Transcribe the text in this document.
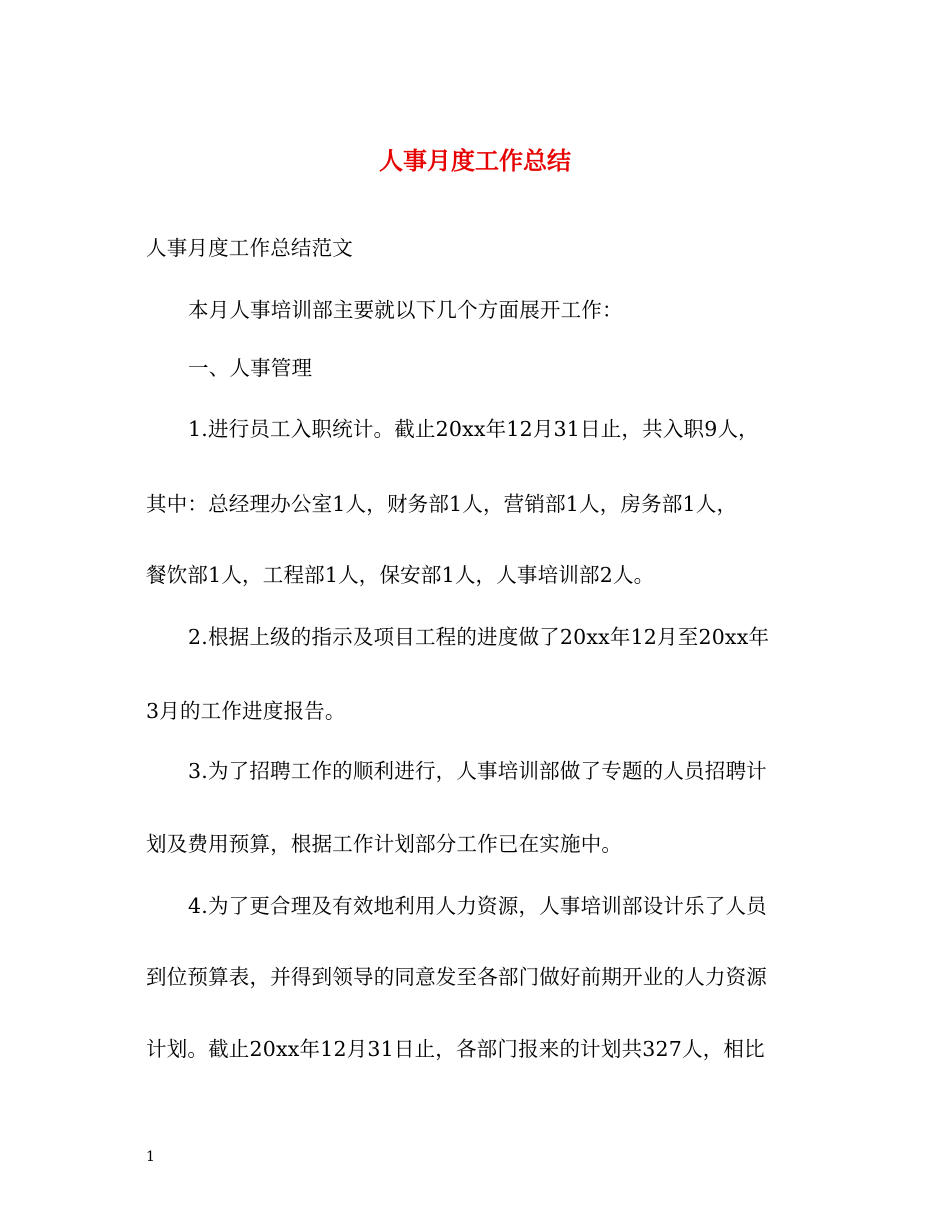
人事月度工作总结
人事月度工作总结范文
本月人事培训部主要就以下几个方面展开工作：
一、人事管理
1.进行员工入职统计。截止20xx年12月31日止，共入职9人，
其中：总经理办公室1人，财务部1人，营销部1人，房务部1人，
餐饮部1人，工程部1人，保安部1人，人事培训部2人。
2.根据上级的指示及项目工程的进度做了20xx年12月至20xx年
3月的工作进度报告。
3.为了招聘工作的顺利进行，人事培训部做了专题的人员招聘计
划及费用预算，根据工作计划部分工作已在实施中。
4.为了更合理及有效地利用人力资源，人事培训部设计乐了人员
到位预算表，并得到领导的同意发至各部门做好前期开业的人力资源
计划。截止20xx年12月31日止，各部门报来的计划共327人，相比
1
